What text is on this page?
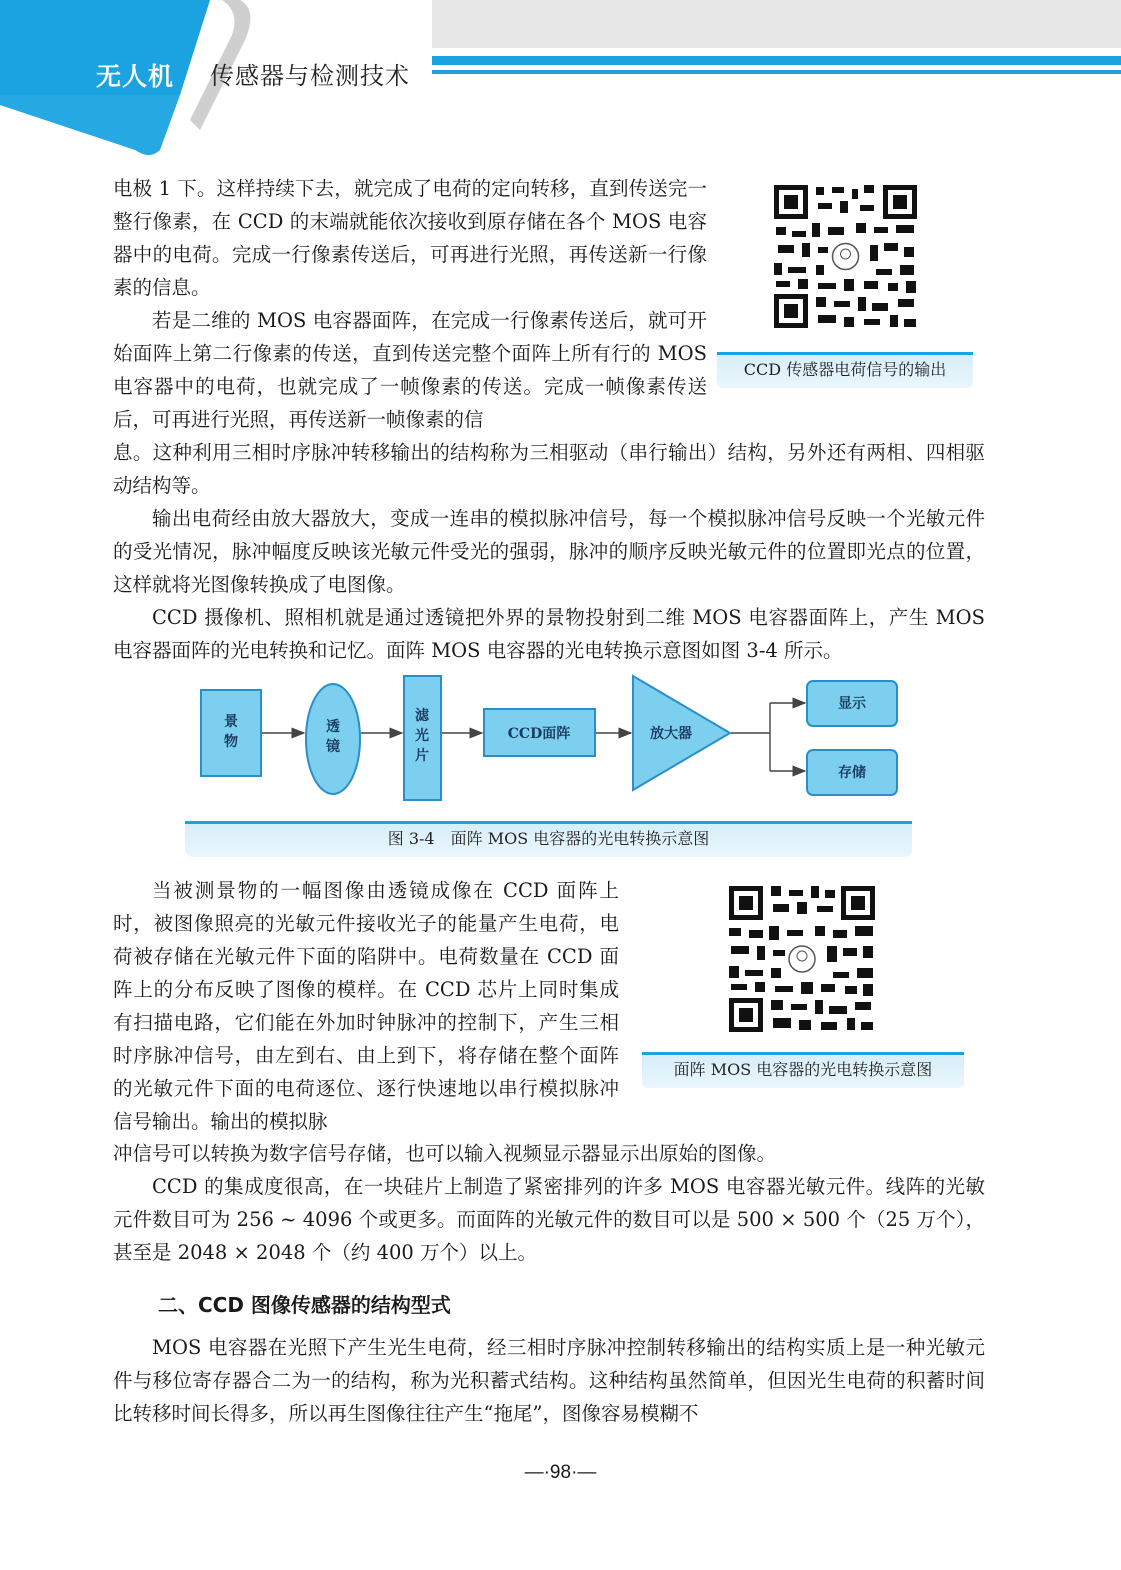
无人机 传感器与检测技术

电极 1 下。这样持续下去，就完成了电荷的定向转移，直到传送完一整行像素，在 CCD 的末端就能依次接收到原存储在各个 MOS 电容器中的电荷。完成一行像素传送后，可再进行光照，再传送新一行像素的信息。

若是二维的 MOS 电容器面阵，在完成一行像素传送后，就可开始面阵上第二行像素的传送，直到传送完整个面阵上所有行的 MOS 电容器中的电荷，也就完成了一帧像素的传送。完成一帧像素传送后，可再进行光照，再传送新一帧像素的信

息。这种利用三相时序脉冲转移输出的结构称为三相驱动（串行输出）结构，另外还有两相、四相驱动结构等。

输出电荷经由放大器放大，变成一连串的模拟脉冲信号，每一个模拟脉冲信号反映一个光敏元件的受光情况，脉冲幅度反映该光敏元件受光的强弱，脉冲的顺序反映光敏元件的位置即光点的位置，这样就将光图像转换成了电图像。

CCD 摄像机、照相机就是通过透镜把外界的景物投射到二维 MOS 电容器面阵上，产生 MOS 电容器面阵的光电转换和记忆。面阵 MOS 电容器的光电转换示意图如图 3-4 所示。

CCD 传感器电荷信号的输出
景
物
透
镜
滤
光
片
CCD面阵	放大器
显示
存储
图 3-4　面阵 MOS 电容器的光电转换示意图

当被测景物的一幅图像由透镜成像在 CCD 面阵上时，被图像照亮的光敏元件接收光子的能量产生电荷，电荷被存储在光敏元件下面的陷阱中。电荷数量在 CCD 面阵上的分布反映了图像的模样。在 CCD 芯片上同时集成有扫描电路，它们能在外加时钟脉冲的控制下，产生三相时序脉冲信号，由左到右、由上到下，将存储在整个面阵的光敏元件下面的电荷逐位、逐行快速地以串行模拟脉冲信号输出。输出的模拟脉

冲信号可以转换为数字信号存储，也可以输入视频显示器显示出原始的图像。

CCD 的集成度很高，在一块硅片上制造了紧密排列的许多 MOS 电容器光敏元件。线阵的光敏元件数目可为 256 ~ 4096 个或更多。而面阵的光敏元件的数目可以是 500 × 500 个（25 万个），甚至是 2048 × 2048 个（约 400 万个）以上。

面阵 MOS 电容器的光电转换示意图
二、CCD 图像传感器的结构型式

MOS 电容器在光照下产生光生电荷，经三相时序脉冲控制转移输出的结构实质上是一种光敏元件与移位寄存器合二为一的结构，称为光积蓄式结构。这种结构虽然简单，但因光生电荷的积蓄时间比转移时间长得多，所以再生图像往往产生“拖尾”，图像容易模糊不

—·98·—
